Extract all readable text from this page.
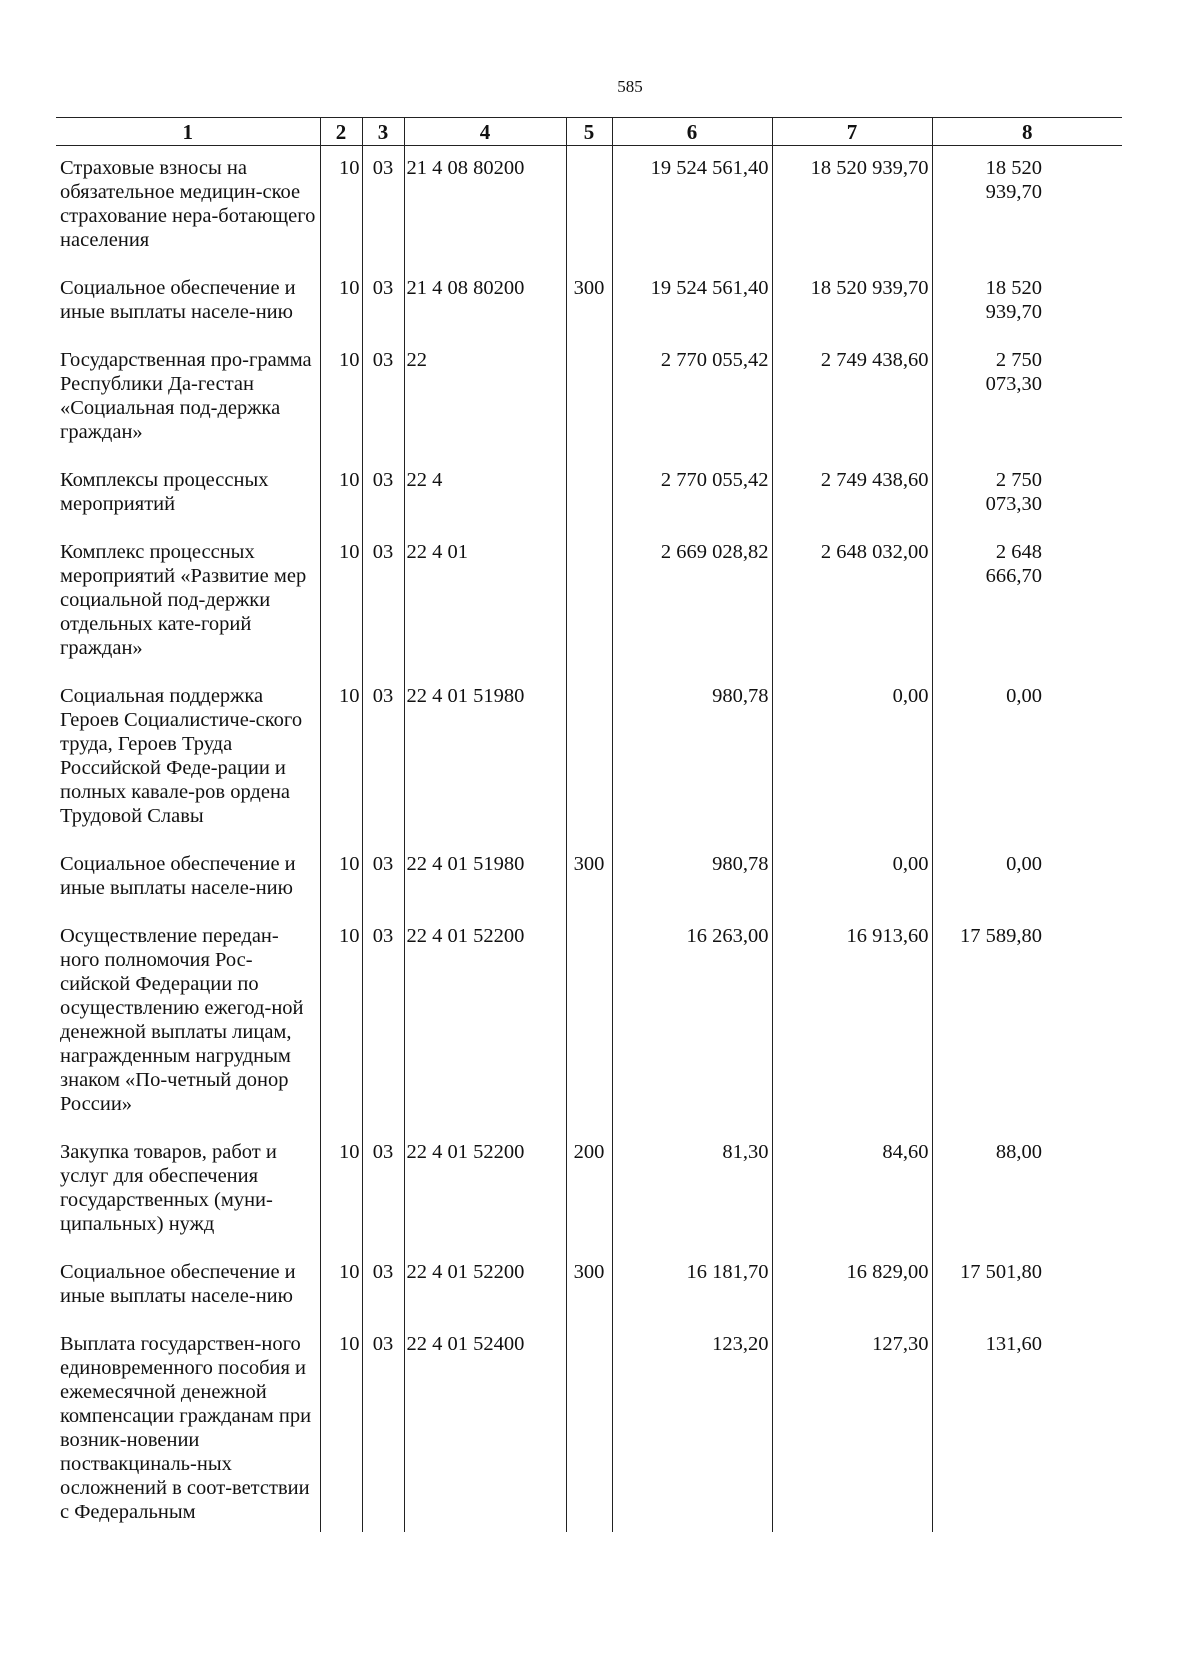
585
1	2	3	4	5	6	7	8
Страховые взносы на обязательное медицин-ское страхование нера-ботающего населения	10	03	21 4 08 80200		19 524 561,40	18 520 939,70	18 520 939,70
Социальное обеспечение и иные выплаты населе-нию	10	03	21 4 08 80200	300	19 524 561,40	18 520 939,70	18 520 939,70
Государственная про-грамма Республики Да-гестан «Социальная под-держка граждан»	10	03	22		2 770 055,42	2 749 438,60	2 750 073,30
Комплексы процессных мероприятий	10	03	22 4		2 770 055,42	2 749 438,60	2 750 073,30
Комплекс процессных мероприятий «Развитие мер социальной под-держки отдельных кате-горий граждан»	10	03	22 4 01		2 669 028,82	2 648 032,00	2 648 666,70
Социальная поддержка Героев Социалистиче-ского труда, Героев Труда Российской Феде-рации и полных кавале-ров ордена Трудовой Славы	10	03	22 4 01 51980		980,78	0,00	0,00
Социальное обеспечение и иные выплаты населе-нию	10	03	22 4 01 51980	300	980,78	0,00	0,00
Осуществление передан-ного полномочия Рос-сийской Федерации по осуществлению ежегод-ной денежной выплаты лицам, награжденным нагрудным знаком «По-четный донор России»	10	03	22 4 01 52200		16 263,00	16 913,60	17 589,80
Закупка товаров, работ и услуг для обеспечения государственных (муни-ципальных) нужд	10	03	22 4 01 52200	200	81,30	84,60	88,00
Социальное обеспечение и иные выплаты населе-нию	10	03	22 4 01 52200	300	16 181,70	16 829,00	17 501,80
Выплата государствен-ного единовременного пособия и ежемесячной денежной компенсации гражданам при возник-новении поствакциналь-ных осложнений в соот-ветствии с Федеральным	10	03	22 4 01 52400		123,20	127,30	131,60
